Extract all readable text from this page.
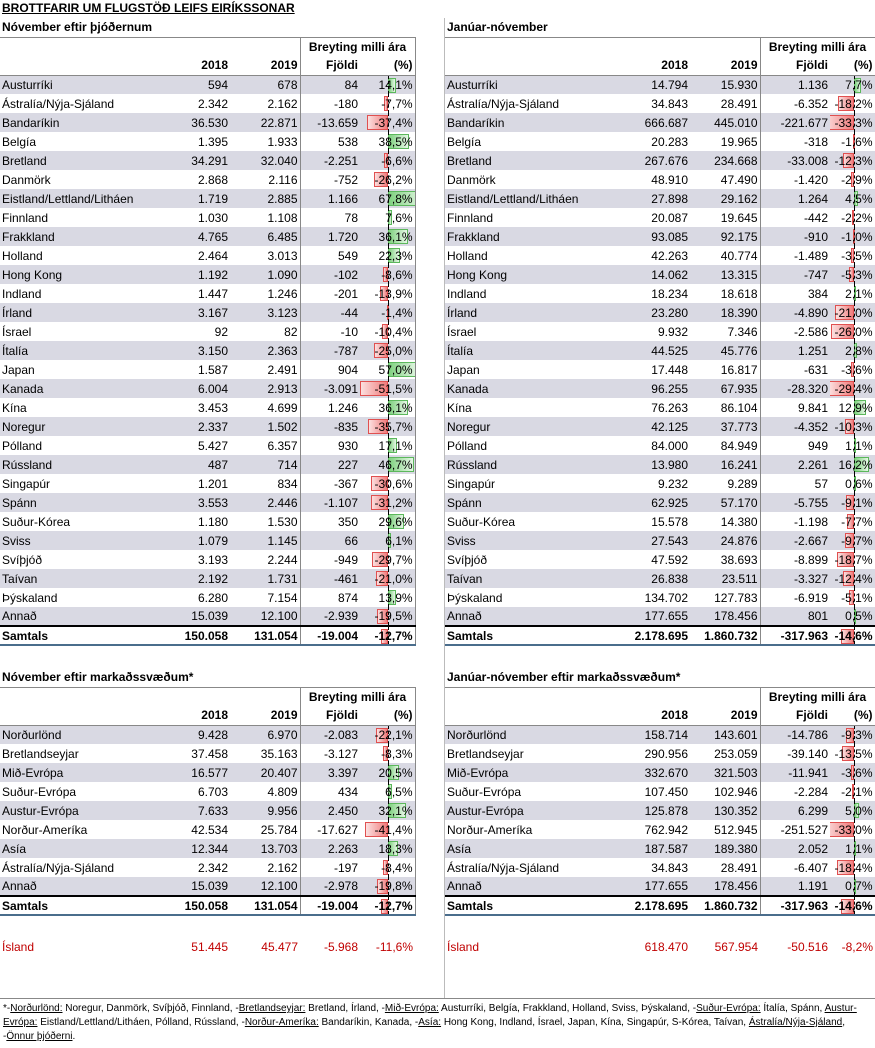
BROTTFARIR UM FLUGSTÖÐ LEIFS EIRÍKSSONAR
Nóvember eftir þjóðernum				
			Breyting milli ára	
	2018	2019	Fjöldi	(%)
Austurríki	594	678	84	14,1%
Ástralía/Nýja-Sjáland	2.342	2.162	-180	-7,7%
Bandaríkin	36.530	22.871	-13.659	-37,4%
Belgía	1.395	1.933	538	38,5%
Bretland	34.291	32.040	-2.251	-6,6%
Danmörk	2.868	2.116	-752	-26,2%
Eistland/Lettland/Litháen	1.719	2.885	1.166	67,8%
Finnland	1.030	1.108	78	7,6%
Frakkland	4.765	6.485	1.720	36,1%
Holland	2.464	3.013	549	22,3%
Hong Kong	1.192	1.090	-102	-8,6%
Indland	1.447	1.246	-201	-13,9%
Írland	3.167	3.123	-44	-1,4%
Ísrael	92	82	-10	-10,4%
Ítalía	3.150	2.363	-787	-25,0%
Japan	1.587	2.491	904	57,0%
Kanada	6.004	2.913	-3.091	-51,5%
Kína	3.453	4.699	1.246	36,1%
Noregur	2.337	1.502	-835	-35,7%
Pólland	5.427	6.357	930	17,1%
Rússland	487	714	227	46,7%
Singapúr	1.201	834	-367	-30,6%
Spánn	3.553	2.446	-1.107	-31,2%
Suður-Kórea	1.180	1.530	350	29,6%
Sviss	1.079	1.145	66	6,1%
Svíþjóð	3.193	2.244	-949	-29,7%
Taívan	2.192	1.731	-461	-21,0%
Þýskaland	6.280	7.154	874	13,9%
Annað	15.039	12.100	-2.939	-19,5%
Samtals	150.058	131.054	-19.004	-12,7%
Janúar-nóvember				
			Breyting milli ára	
	2018	2019	Fjöldi	(%)
Austurríki	14.794	15.930	1.136	7,7%
Ástralía/Nýja-Sjáland	34.843	28.491	-6.352	-18,2%
Bandaríkin	666.687	445.010	-221.677	-33,3%
Belgía	20.283	19.965	-318	-1,6%
Bretland	267.676	234.668	-33.008	-12,3%
Danmörk	48.910	47.490	-1.420	-2,9%
Eistland/Lettland/Litháen	27.898	29.162	1.264	4,5%
Finnland	20.087	19.645	-442	-2,2%
Frakkland	93.085	92.175	-910	-1,0%
Holland	42.263	40.774	-1.489	-3,5%
Hong Kong	14.062	13.315	-747	-5,3%
Indland	18.234	18.618	384	2,1%
Írland	23.280	18.390	-4.890	-21,0%
Ísrael	9.932	7.346	-2.586	-26,0%
Ítalía	44.525	45.776	1.251	2,8%
Japan	17.448	16.817	-631	-3,6%
Kanada	96.255	67.935	-28.320	-29,4%
Kína	76.263	86.104	9.841	12,9%
Noregur	42.125	37.773	-4.352	-10,3%
Pólland	84.000	84.949	949	1,1%
Rússland	13.980	16.241	2.261	16,2%
Singapúr	9.232	9.289	57	0,6%
Spánn	62.925	57.170	-5.755	-9,1%
Suður-Kórea	15.578	14.380	-1.198	-7,7%
Sviss	27.543	24.876	-2.667	-9,7%
Svíþjóð	47.592	38.693	-8.899	-18,7%
Taívan	26.838	23.511	-3.327	-12,4%
Þýskaland	134.702	127.783	-6.919	-5,1%
Annað	177.655	178.456	801	0,5%
Samtals	2.178.695	1.860.732	-317.963	-14,6%
Nóvember eftir markaðssvæðum*				
			Breyting milli ára	
	2018	2019	Fjöldi	(%)
Norðurlönd	9.428	6.970	-2.083	-22,1%
Bretlandseyjar	37.458	35.163	-3.127	-8,3%
Mið-Evrópa	16.577	20.407	3.397	20,5%
Suður-Evrópa	6.703	4.809	434	6,5%
Austur-Evrópa	7.633	9.956	2.450	32,1%
Norður-Ameríka	42.534	25.784	-17.627	-41,4%
Asía	12.344	13.703	2.263	18,3%
Ástralía/Nýja-Sjáland	2.342	2.162	-197	-8,4%
Annað	15.039	12.100	-2.978	-19,8%
Samtals	150.058	131.054	-19.004	-12,7%

Ísland	51.445	45.477	-5.968	-11,6%
Janúar-nóvember eftir markaðssvæðum*				
			Breyting milli ára	
	2018	2019	Fjöldi	(%)
Norðurlönd	158.714	143.601	-14.786	-9,3%
Bretlandseyjar	290.956	253.059	-39.140	-13,5%
Mið-Evrópa	332.670	321.503	-11.941	-3,6%
Suður-Evrópa	107.450	102.946	-2.284	-2,1%
Austur-Evrópa	125.878	130.352	6.299	5,0%
Norður-Ameríka	762.942	512.945	-251.527	-33,0%
Asía	187.587	189.380	2.052	1,1%
Ástralía/Nýja-Sjáland	34.843	28.491	-6.407	-18,4%
Annað	177.655	178.456	1.191	0,7%
Samtals	2.178.695	1.860.732	-317.963	-14,6%

Ísland	618.470	567.954	-50.516	-8,2%
*-Norðurlönd: Noregur, Danmörk, Svíþjóð, Finnland, -Bretlandseyjar: Bretland, Írland, -Mið-Evrópa: Austurríki, Belgía, Frakkland, Holland, Sviss, Þýskaland, -Suður-Evrópa: Ítalía, Spánn, Austur-Evrópa: Eistland/Lettland/Litháen, Pólland, Rússland, -Norður-Ameríka: Bandaríkin, Kanada, -Asía: Hong Kong, Indland, Ísrael, Japan, Kína, Singapúr, S-Kórea, Taívan, Ástralía/Nýja-Sjáland, -Önnur þjóðerni.
